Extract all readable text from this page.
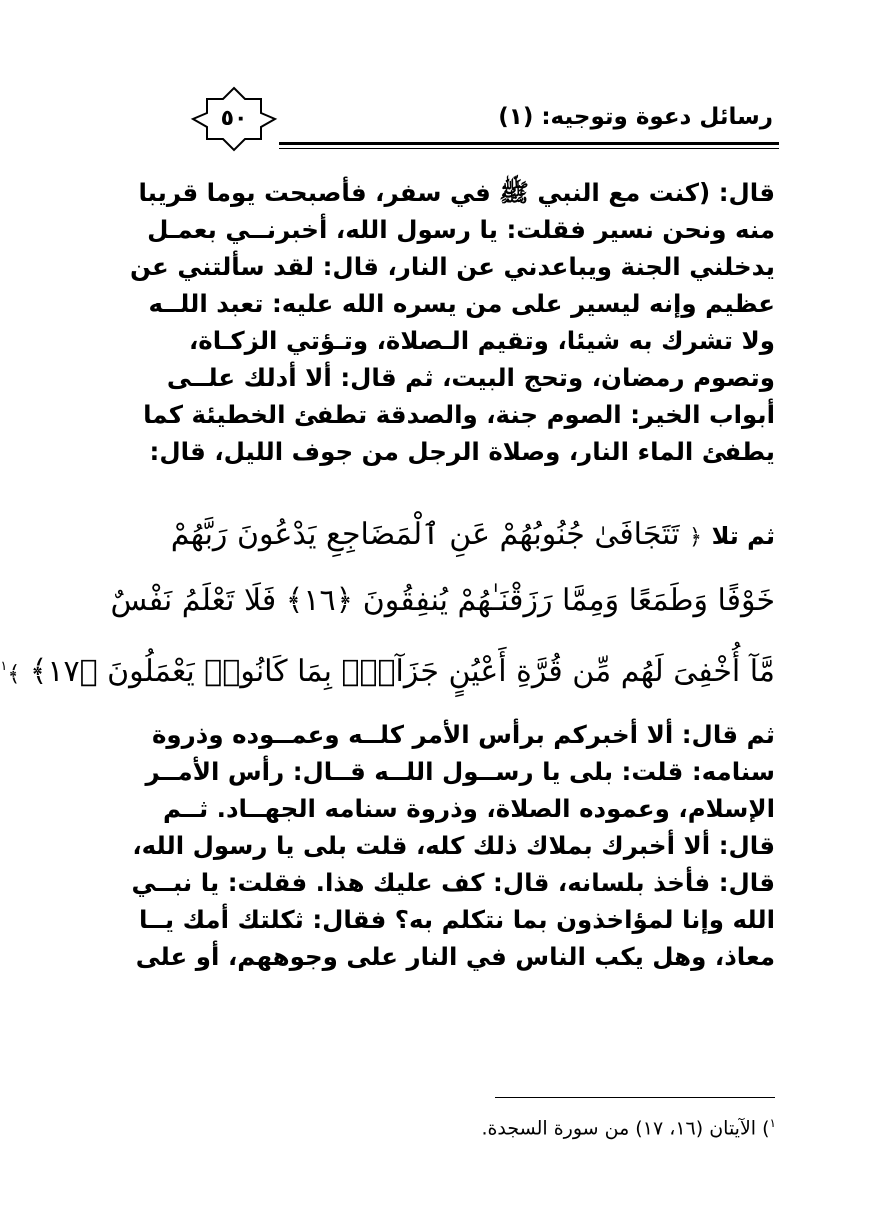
٥٠	رسائل دعوة وتوجيه: (١)
قال: (كنت مع النبي ﷺ في سفر، فأصبحت يوما قريبا
منه ونحن نسير فقلت: يا رسول الله، أخبرنــي بعمـل
يدخلني الجنة ويباعدني عن النار، قال: لقد سألتني عن
عظيم وإنه ليسير على من يسره الله عليه: تعبد اللــه
ولا تشرك به شيئا، وتقيم الـصلاة، وتـؤتي الزكـاة،
وتصوم رمضان، وتحج البيت، ثم قال: ألا أدلك علــى
أبواب الخير: الصوم جنة، والصدقة تطفئ الخطيئة كما
يطفئ الماء النار، وصلاة الرجل من جوف الليل، قال:
ثم تلا ﴿ تَتَجَافَىٰ جُنُوبُهُمْ عَنِ ٱلْمَضَاجِعِ يَدْعُونَ رَبَّهُمْ
خَوْفًا وَطَمَعًا وَمِمَّا رَزَقْنَـٰهُمْ يُنفِقُونَ ﴿١٦﴾ فَلَا تَعْلَمُ نَفْسٌ
مَّآ أُخْفِىَ لَهُم مِّن قُرَّةِ أَعْيُنٍ جَزَآءًۢ بِمَا كَانُوا۟ يَعْمَلُونَ ﴿١٧﴾ ﴾$^١$
ثم قال: ألا أخبركم برأس الأمر كلــه وعمــوده وذروة
سنامه: قلت: بلى يا رســول اللــه قــال: رأس الأمــر
الإسلام، وعموده الصلاة، وذروة سنامه الجهــاد. ثــم
قال: ألا أخبرك بملاك ذلك كله، قلت بلى يا رسول الله،
قال: فأخذ بلسانه، قال: كف عليك هذا. فقلت: يا نبــي
الله وإنا لمؤاخذون بما نتكلم به؟ فقال: ثكلتك أمك يــا
معاذ، وهل يكب الناس في النار على وجوههم، أو على
$^١$) الآيتان (١٦، ١٧) من سورة السجدة.
